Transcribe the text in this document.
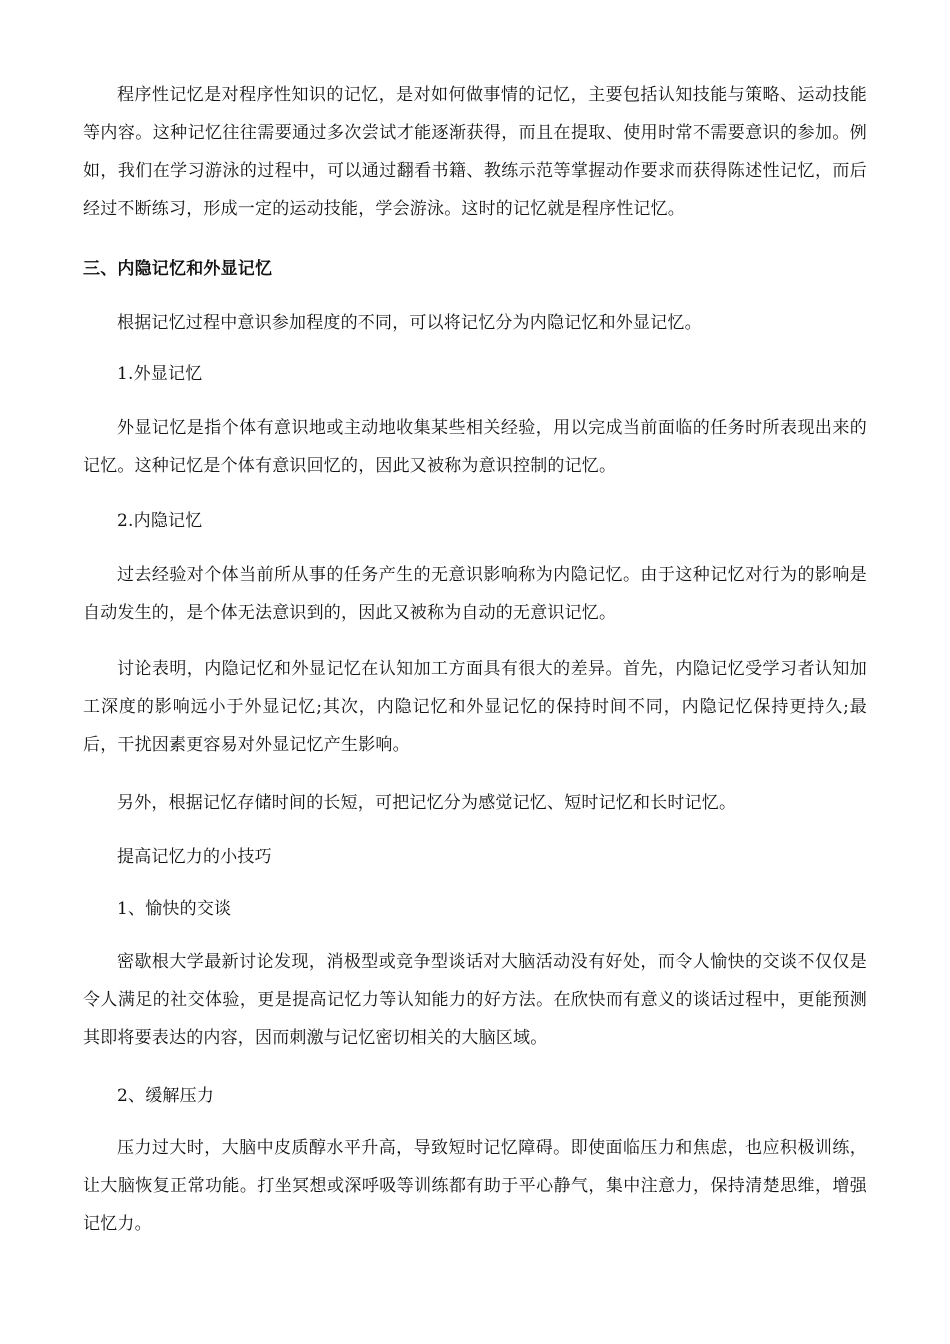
程序性记忆是对程序性知识的记忆，是对如何做事情的记忆，主要包括认知技能与策略、运动技能等内容。这种记忆往往需要通过多次尝试才能逐渐获得，而且在提取、使用时常不需要意识的参加。例如，我们在学习游泳的过程中，可以通过翻看书籍、教练示范等掌握动作要求而获得陈述性记忆，而后经过不断练习，形成一定的运动技能，学会游泳。这时的记忆就是程序性记忆。

三、内隐记忆和外显记忆

根据记忆过程中意识参加程度的不同，可以将记忆分为内隐记忆和外显记忆。

1.外显记忆

外显记忆是指个体有意识地或主动地收集某些相关经验，用以完成当前面临的任务时所表现出来的记忆。这种记忆是个体有意识回忆的，因此又被称为意识控制的记忆。

2.内隐记忆

过去经验对个体当前所从事的任务产生的无意识影响称为内隐记忆。由于这种记忆对行为的影响是自动发生的，是个体无法意识到的，因此又被称为自动的无意识记忆。

讨论表明，内隐记忆和外显记忆在认知加工方面具有很大的差异。首先，内隐记忆受学习者认知加工深度的影响远小于外显记忆;其次，内隐记忆和外显记忆的保持时间不同，内隐记忆保持更持久;最后，干扰因素更容易对外显记忆产生影响。

另外，根据记忆存储时间的长短，可把记忆分为感觉记忆、短时记忆和长时记忆。

提高记忆力的小技巧

1、愉快的交谈

密歇根大学最新讨论发现，消极型或竞争型谈话对大脑活动没有好处，而令人愉快的交谈不仅仅是令人满足的社交体验，更是提高记忆力等认知能力的好方法。在欣快而有意义的谈话过程中，更能预测其即将要表达的内容，因而刺激与记忆密切相关的大脑区域。

2、缓解压力

压力过大时，大脑中皮质醇水平升高，导致短时记忆障碍。即使面临压力和焦虑，也应积极训练，让大脑恢复正常功能。打坐冥想或深呼吸等训练都有助于平心静气，集中注意力，保持清楚思维，增强记忆力。
